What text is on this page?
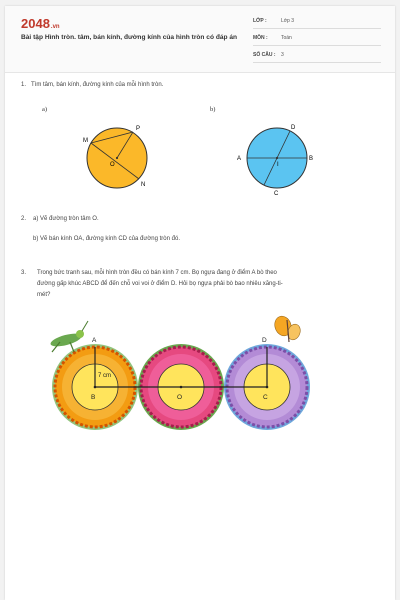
2048.vn
Bài tập Hình tròn. tâm, bán kính, đường kính của hình tròn có đáp án
LỚP :	Lớp 3
MÔN :	Toán
SỐ CÂU : 3
1. Tìm tâm, bán kính, đường kính của mỗi hình tròn.
a)	b)
M
P
O
N
D
A
I
B
C
2. a) Vẽ đường tròn tâm O.
b) Vẽ bán kính OA, đường kính CD của đường tròn đó.
3. Trong bức tranh sau, mỗi hình tròn đều có bán kính 7 cm. Bọ ngựa đang ở điểm A bò theo
đường gấp khúc ABCD để đến chỗ voi voi ở điểm D. Hỏi bọ ngựa phải bò bao nhiêu xăng-ti-
mét?
7 cm
A
B	O	C
D
